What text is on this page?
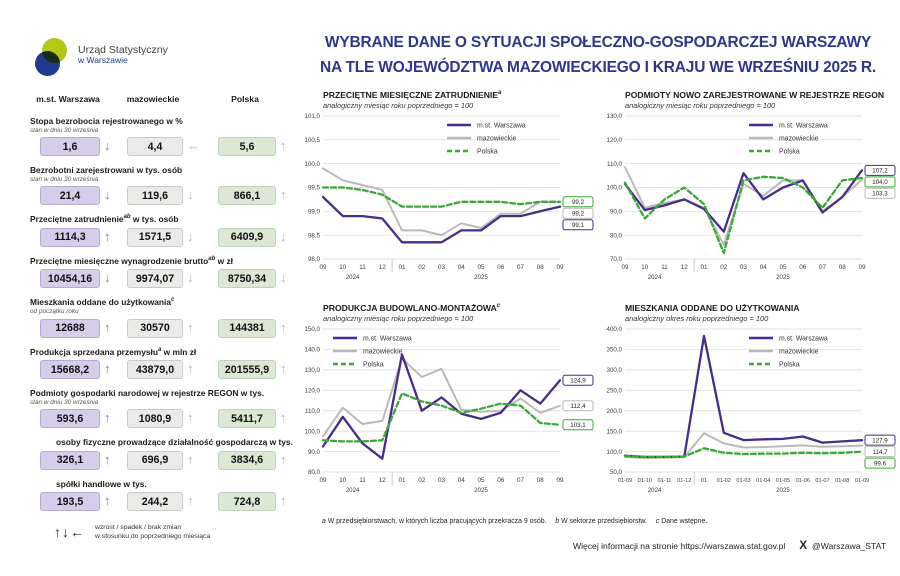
Urząd Statystyczny
w Warszawie
WYBRANE DANE O SYTUACJI SPOŁECZNO-GOSPODARCZEJ WARSZAWY
NA TLE WOJEWÓDZTWA MAZOWIECKIEGO I KRAJU WE WRZEŚNIU 2025 R.
m.st. Warszawa	mazowieckie	Polska
Stopa bezrobocia rejestrowanego w %
stan w dniu 30 września
1,6	↓	4,4	←	5,6	↑
Bezrobotni zarejestrowani w tys. osób
stan w dniu 30 września
21,4	↓	119,6	↓	866,1	↑
Przeciętne zatrudnienie$^{ab}$ w tys. osób
1114,3	↑	1571,5	↓	6409,9	↓
Przeciętne miesięczne wynagrodzenie brutto$^{ab}$ w zł
10454,16 ↓	9974,07 ↓	8750,34	↓
Mieszkania oddane do użytkowania$^c$
od początku roku
12688	↑	30570	↑	144381	↑
Produkcja sprzedana przemysłu$^a$ w mln zł
15668,2	↑	43879,0 ↑	201555,9 ↑
Podmioty gospodarki narodowej w rejestrze REGON w tys.
stan w dniu 30 września
593,6	↑	1080,9	↑	5411,7	↑
osoby fizyczne prowadzące działalność gospodarczą w tys.
326,1	↑	696,9	↑	3834,6	↑
spółki handlowe w tys.
193,5	↑	244,2	↑	724,8	↑
↑↓← wzrost / spadek / brak zmian
w stosunku do poprzedniego miesiąca
PRZECIĘTNE MIESIĘCZNE ZATRUDNIENIE$^a$
analogiczny miesiąc roku poprzedniego = 100
98,0
98,5
99,0
99,5
100,0
100,5
101,0
09 10 11 12 01 02 03 04 05 06 07 08 09
2024	2025
99,2
99,2
99,1
m.st. Warszawa
mazowieckie
Polska
PODMIOTY NOWO ZAREJESTROWANE W REJESTRZE REGON
analogiczny miesiąc roku poprzedniego = 100
70,0
80,0
90,0
100,0
110,0
120,0
130,0
09 10 11 12 01 02 03 04 05 06 07 08 09
2024	2025
107,2
104,0
103,3
m.st. Warszawa
mazowieckie
Polska
PRODUKCJA BUDOWLANO-MONTAŻOWA$^c$
analogiczny miesiąc roku poprzedniego = 100
80,0
90,0
100,0
110,0
120,0
130,0
140,0
150,0
09 10 11 12 01 02 03 04 05 06 07 08 09
2024	2025
124,9
112,4
103,1
m.st. Warszawa
mazowieckie
Polska
MIESZKANIA ODDANE DO UŻYTKOWANIA
analogiczny okres roku poprzedniego = 100
50,0
100,0
150,0
200,0
250,0
300,0
350,0
400,0
01-09 01-10 01-11 01-12 01 01-02 01-03 01-04 01-05 01-06 01-07 01-08 01-09
2024	2025
127,9
114,7
99,6
m.st. Warszawa
mazowieckie
Polska
a W przedsiębiorstwach, w których liczba pracujących przekracza 9 osób. b W sektorze przedsiębiorstw. c Dane wstępne.
Więcej informacji na stronie https://warszawa.stat.gov.pl X @Warszawa_STAT
